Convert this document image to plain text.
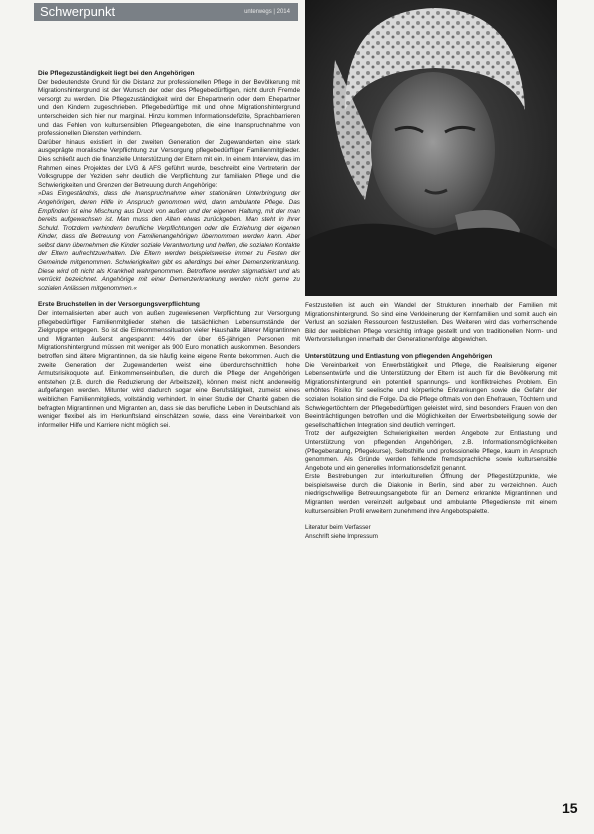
Schwerpunkt	unterwegs | 2014
Die Pflegezuständigkeit liegt bei den Angehörigen

Der bedeutendste Grund für die Distanz zur professionellen Pflege in der Bevölkerung mit Migrationshintergrund ist der Wunsch der oder des Pflegebedürftigen, nicht durch Fremde versorgt zu werden. Die Pflegezuständigkeit wird der Ehepartnerin oder dem Ehepartner und den Kindern zugeschrieben. Pflegebedürftige mit und ohne Migrationshintergrund unterscheiden sich hier nur marginal. Hinzu kommen Informationsdefizite, Sprachbarrieren und das Fehlen von kultursensiblen Pflegeangeboten, die eine Inanspruchnahme von professionellen Diensten verhindern.

Darüber hinaus existiert in der zweiten Generation der Zugewanderten eine stark ausgeprägte moralische Verpflichtung zur Versorgung pflegebedürftiger Familienmitglieder. Dies schließt auch die finanzielle Unterstützung der Eltern mit ein. In einem Interview, das im Rahmen eines Projektes der LVG & AFS geführt wurde, beschreibt eine Vertreterin der Volksgruppe der Yeziden sehr deutlich die Verpflichtung zur familialen Pflege und die Schwierigkeiten und Grenzen der Betreuung durch Angehörige:

»Das Eingeständnis, dass die Inanspruchnahme einer stationären Unterbringung der Angehörigen, deren Hilfe in Anspruch genommen wird, dann ambulante Pflege. Das Empfinden ist eine Mischung aus Druck von außen und der eigenen Haltung, mit der man bereits aufgewachsen ist. Man muss den Alten etwas zurückgeben. Man steht in ihrer Schuld. Trotzdem verhindern berufliche Verpflichtungen oder die Erziehung der eigenen Kinder, dass die Betreuung von Familienangehörigen übernommen werden kann. Aber selbst dann übernehmen die Kinder soziale Verantwortung und helfen, die sozialen Kontakte der Eltern aufrechtzuerhalten. Die Eltern werden beispielsweise immer zu Festen der Gemeinde mitgenommen. Schwierigkeiten gibt es allerdings bei einer Demenzerkrankung. Diese wird oft nicht als Krankheit wahrgenommen. Betroffene werden stigmatisiert und als verrückt bezeichnet. Angehörige mit einer Demenzerkrankung werden nicht gerne zu sozialen Anlässen mitgenommen.«

Erste Bruchstellen in der Versorgungsverpflichtung

Der internalisierten aber auch von außen zugewiesenen Verpflichtung zur Versorgung pflegebedürftiger Familienmitglieder stehen die tatsächlichen Lebensumstände der Zielgruppe entgegen. So ist die Einkommenssituation vieler Haushalte älterer Migrantinnen und Migranten äußerst angespannt: 44% der über 65-jährigen Personen mit Migrationshintergrund müssen mit weniger als 900 Euro monatlich auskommen. Besonders betroffen sind ältere Migrantinnen, da sie häufig keine eigene Rente bekommen. Auch die zweite Generation der Zugewanderten weist eine überdurchschnittlich hohe Armutsrisikoquote auf. Einkommenseinbußen, die durch die Pflege der Angehörigen entstehen (z.B. durch die Reduzierung der Arbeitszeit), können meist nicht anderweitig aufgefangen werden. Mitunter wird dadurch sogar eine Berufstätigkeit, zumeist eines weiblichen Familienmitglieds, vollständig verhindert. In einer Studie der Charité gaben die befragten Migrantinnen und Migranten an, dass sie das berufliche Leben in Deutschland als weniger flexibel als im Herkunftsland einschätzen sowie, dass eine Vereinbarkeit von informeller Hilfe und Karriere nicht möglich sei.

Festzustellen ist auch ein Wandel der Strukturen innerhalb der Familien mit Migrationshintergrund. So sind eine Verkleinerung der Kernfamilien und somit auch ein Verlust an sozialen Ressourcen festzustellen. Des Weiteren wird das vorherrschende Bild der weiblichen Pflege vorsichtig infrage gestellt und von traditionellen Norm- und Wertvorstellungen innerhalb der Generationenfolge abgewichen.

Unterstützung und Entlastung von pflegenden Angehörigen

Die Vereinbarkeit von Erwerbstätigkeit und Pflege, die Realisierung eigener Lebensentwürfe und die Unterstützung der Eltern ist auch für die Bevölkerung mit Migrationshintergrund ein potentiell spannungs- und konfliktreiches Problem. Ein erhöhtes Risiko für seelische und körperliche Erkrankungen sowie die Gefahr der sozialen Isolation sind die Folge. Da die Pflege oftmals von den Ehefrauen, Töchtern und Schwiegertöchtern der Pflegebedürftigen geleistet wird, sind besonders Frauen von den Beeinträchtigungen betroffen und die Möglichkeiten der Erwerbsbeteiligung sowie der gesellschaftlichen Integration sind deutlich verringert.

Trotz der aufgezeigten Schwierigkeiten werden Angebote zur Entlastung und Unterstützung von pflegenden Angehörigen, z.B. Informationsmöglichkeiten (Pflegeberatung, Pflegekurse), Selbsthilfe und professionelle Pflege, kaum in Anspruch genommen. Als Gründe werden fehlende fremdsprachliche sowie kultursensible Angebote und ein generelles Informationsdefizit genannt.

Erste Bestrebungen zur interkulturellen Öffnung der Pflegestützpunkte, wie beispielsweise durch die Diakonie in Berlin, sind aber zu verzeichnen. Auch niedrigschwellige Betreuungsangebote für an Demenz erkrankte Migrantinnen und Migranten werden vereinzelt aufgebaut und ambulante Pflegedienste mit einem kultursensiblen Profil erweitern zunehmend ihre Angebotspalette.

Literatur beim Verfasser
Anschrift siehe Impressum
15
